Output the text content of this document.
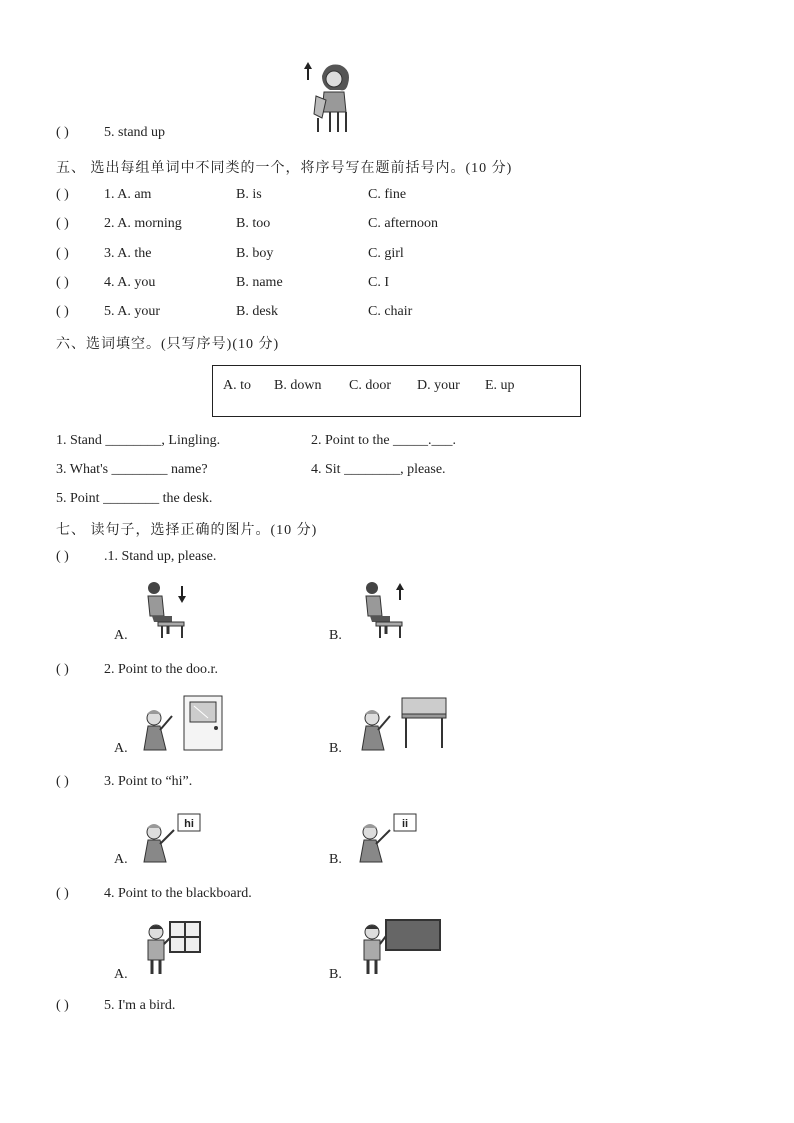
( )	5. stand up
五、 选出每组单词中不同类的一个，将序号写在题前括号内。(10 分)
( )	1. A. am	B. is	C. fine
( )	2. A. morning	B. too	C. afternoon
( )	3. A. the	B. boy	C. girl
( )	4. A. you	B. name	C. I
( )	5. A. your	B. desk	C. chair
六、选词填空。(只写序号)(10 分)
A. to B. down C. door D. your E. up
1. Stand ________, Lingling.	2. Point to the _____.___.
3. What's ________ name?	4. Sit ________, please.
5. Point ________ the desk.
七、 读句子，选择正确的图片。(10 分)
( )	.1. Stand up, please.
A.	B.
( )	2. Point to the doo.r.
A.	B.
( )	3. Point to “hi”.
A.
hi
B.
ii
( )	4. Point to the blackboard.
A.	B.
( )	5. I'm a bird.
